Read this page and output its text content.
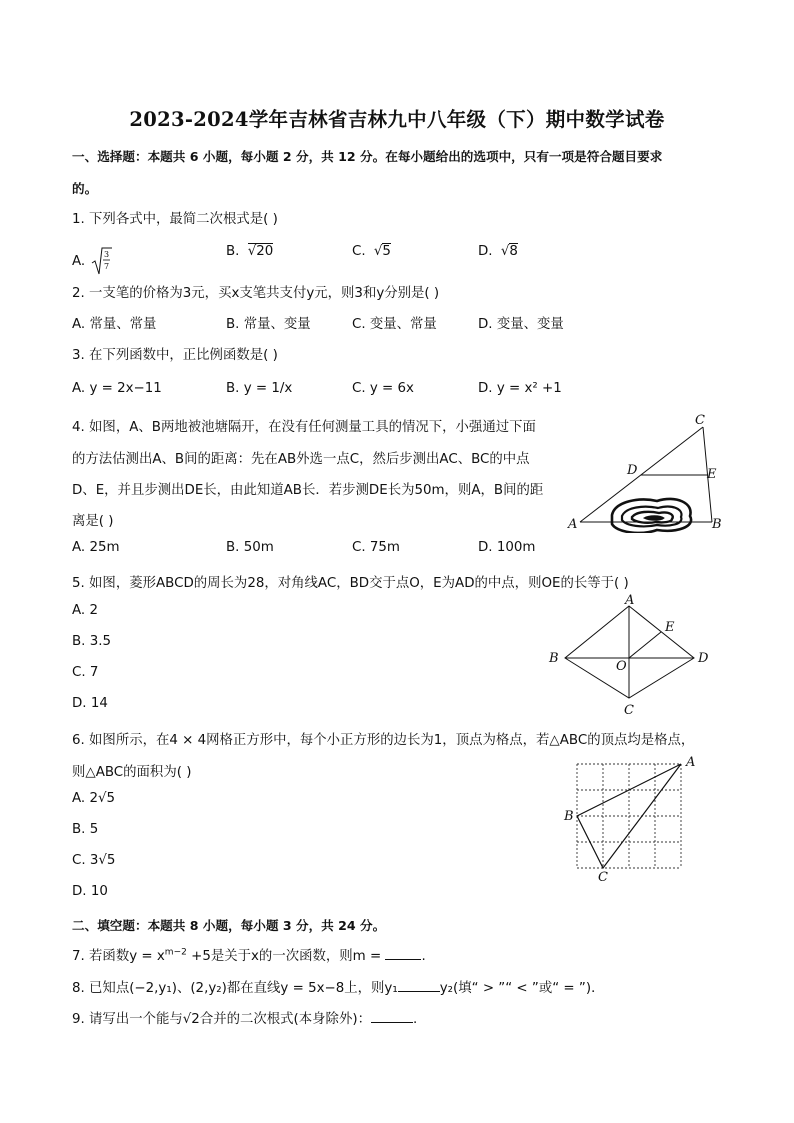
2023-2024学年吉林省吉林九中八年级（下）期中数学试卷
一、选择题：本题共 6 小题，每小题 2 分，共 12 分。在每小题给出的选项中，只有一项是符合题目要求
的。
1. 下列各式中，最简二次根式是( )
A. 3
7
B. √20	C. √5	D. √8
2. 一支笔的价格为3元，买x支笔共支付y元，则3和y分别是( )
A. 常量、常量	B. 常量、变量	C. 变量、常量	D. 变量、变量
3. 在下列函数中，正比例函数是( )
A. y = 2x−11	B. y = 1/x	C. y = 6x	D. y = x² +1
4. 如图，A、B两地被池塘隔开，在没有任何测量工具的情况下，小强通过下面
的方法估测出A、B间的距离：先在AB外选一点C，然后步测出AC、BC的中点
D、E，并且步测出DE长，由此知道AB长．若步测DE长为50m，则A，B间的距
离是( )
A. 25m	B. 50m	C. 75m	D. 100m
C
D	E
A	B
5. 如图，菱形ABCD的周长为28，对角线AC，BD交于点O，E为AD的中点，则OE的长等于( )
A. 2
B. 3.5
C. 7
D. 14
A
E
B
O
D
C
6. 如图所示，在4 × 4网格正方形中，每个小正方形的边长为1，顶点为格点，若△ABC的顶点均是格点，
则△ABC的面积为( )
A. 2√5
B. 5
C. 3√5
D. 10
A
B
C
二、填空题：本题共 8 小题，每小题 3 分，共 24 分。
7. 若函数$y = x^{m-2} +5$是关于x的一次函数，则m =	.
8. 已知点(−2,y₁)、(2,y₂)都在直线y = 5x−8上，则y₁	y₂(填“ > ”“ < ”或“ = ”)．
9. 请写出一个能与√2合并的二次根式(本身除外)：	.
